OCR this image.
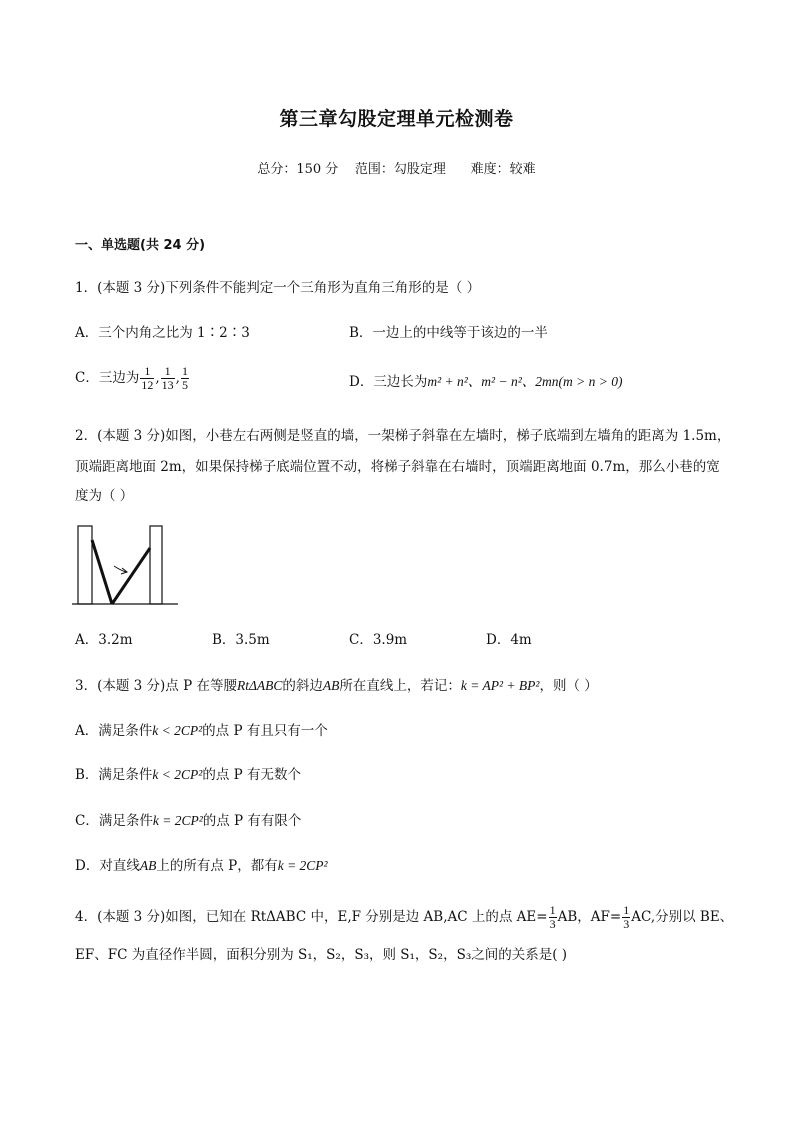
第三章勾股定理单元检测卷
总分：150 分    范围：勾股定理      难度：较难
一、单选题(共 24 分)
1．(本题 3 分)下列条件不能判定一个三角形为直角三角形的是（ ）
A．三个内角之比为 1∶2∶3	B．一边上的中线等于该边的一半
C．三边为 $\frac{1}{12}$ , $\frac{1}{13}$ , $\frac{1}{5}$	D．三边长为m² + n²、m² − n²、2mn(m > n > 0)
2．(本题 3 分)如图，小巷左右两侧是竖直的墙，一架梯子斜靠在左墙时，梯子底端到左墙角的距离为 1.5m，
顶端距离地面 2m，如果保持梯子底端位置不动，将梯子斜靠在右墙时，顶端距离地面 0.7m，那么小巷的宽
度为（ ）
A．3.2m	B．3.5m	C．3.9m	D．4m
3．(本题 3 分)点 P 在等腰RtΔABC的斜边AB所在直线上，若记：k = AP² + BP²，则（ ）
A．满足条件k < 2CP²的点 P 有且只有一个
B．满足条件k < 2CP²的点 P 有无数个
C．满足条件k = 2CP²的点 P 有有限个
D．对直线AB上的所有点 P，都有k = 2CP²
4．(本题 3 分)如图，已知在 RtΔABC 中，E,F 分别是边 AB,AC 上的点 $AE= \frac{1}{3}$ AB，$AF= \frac{1}{3}$ AC,分别以 BE、
EF、FC 为直径作半圆，面积分别为 S₁，S₂，S₃，则 S₁，S₂，S₃之间的关系是( )
